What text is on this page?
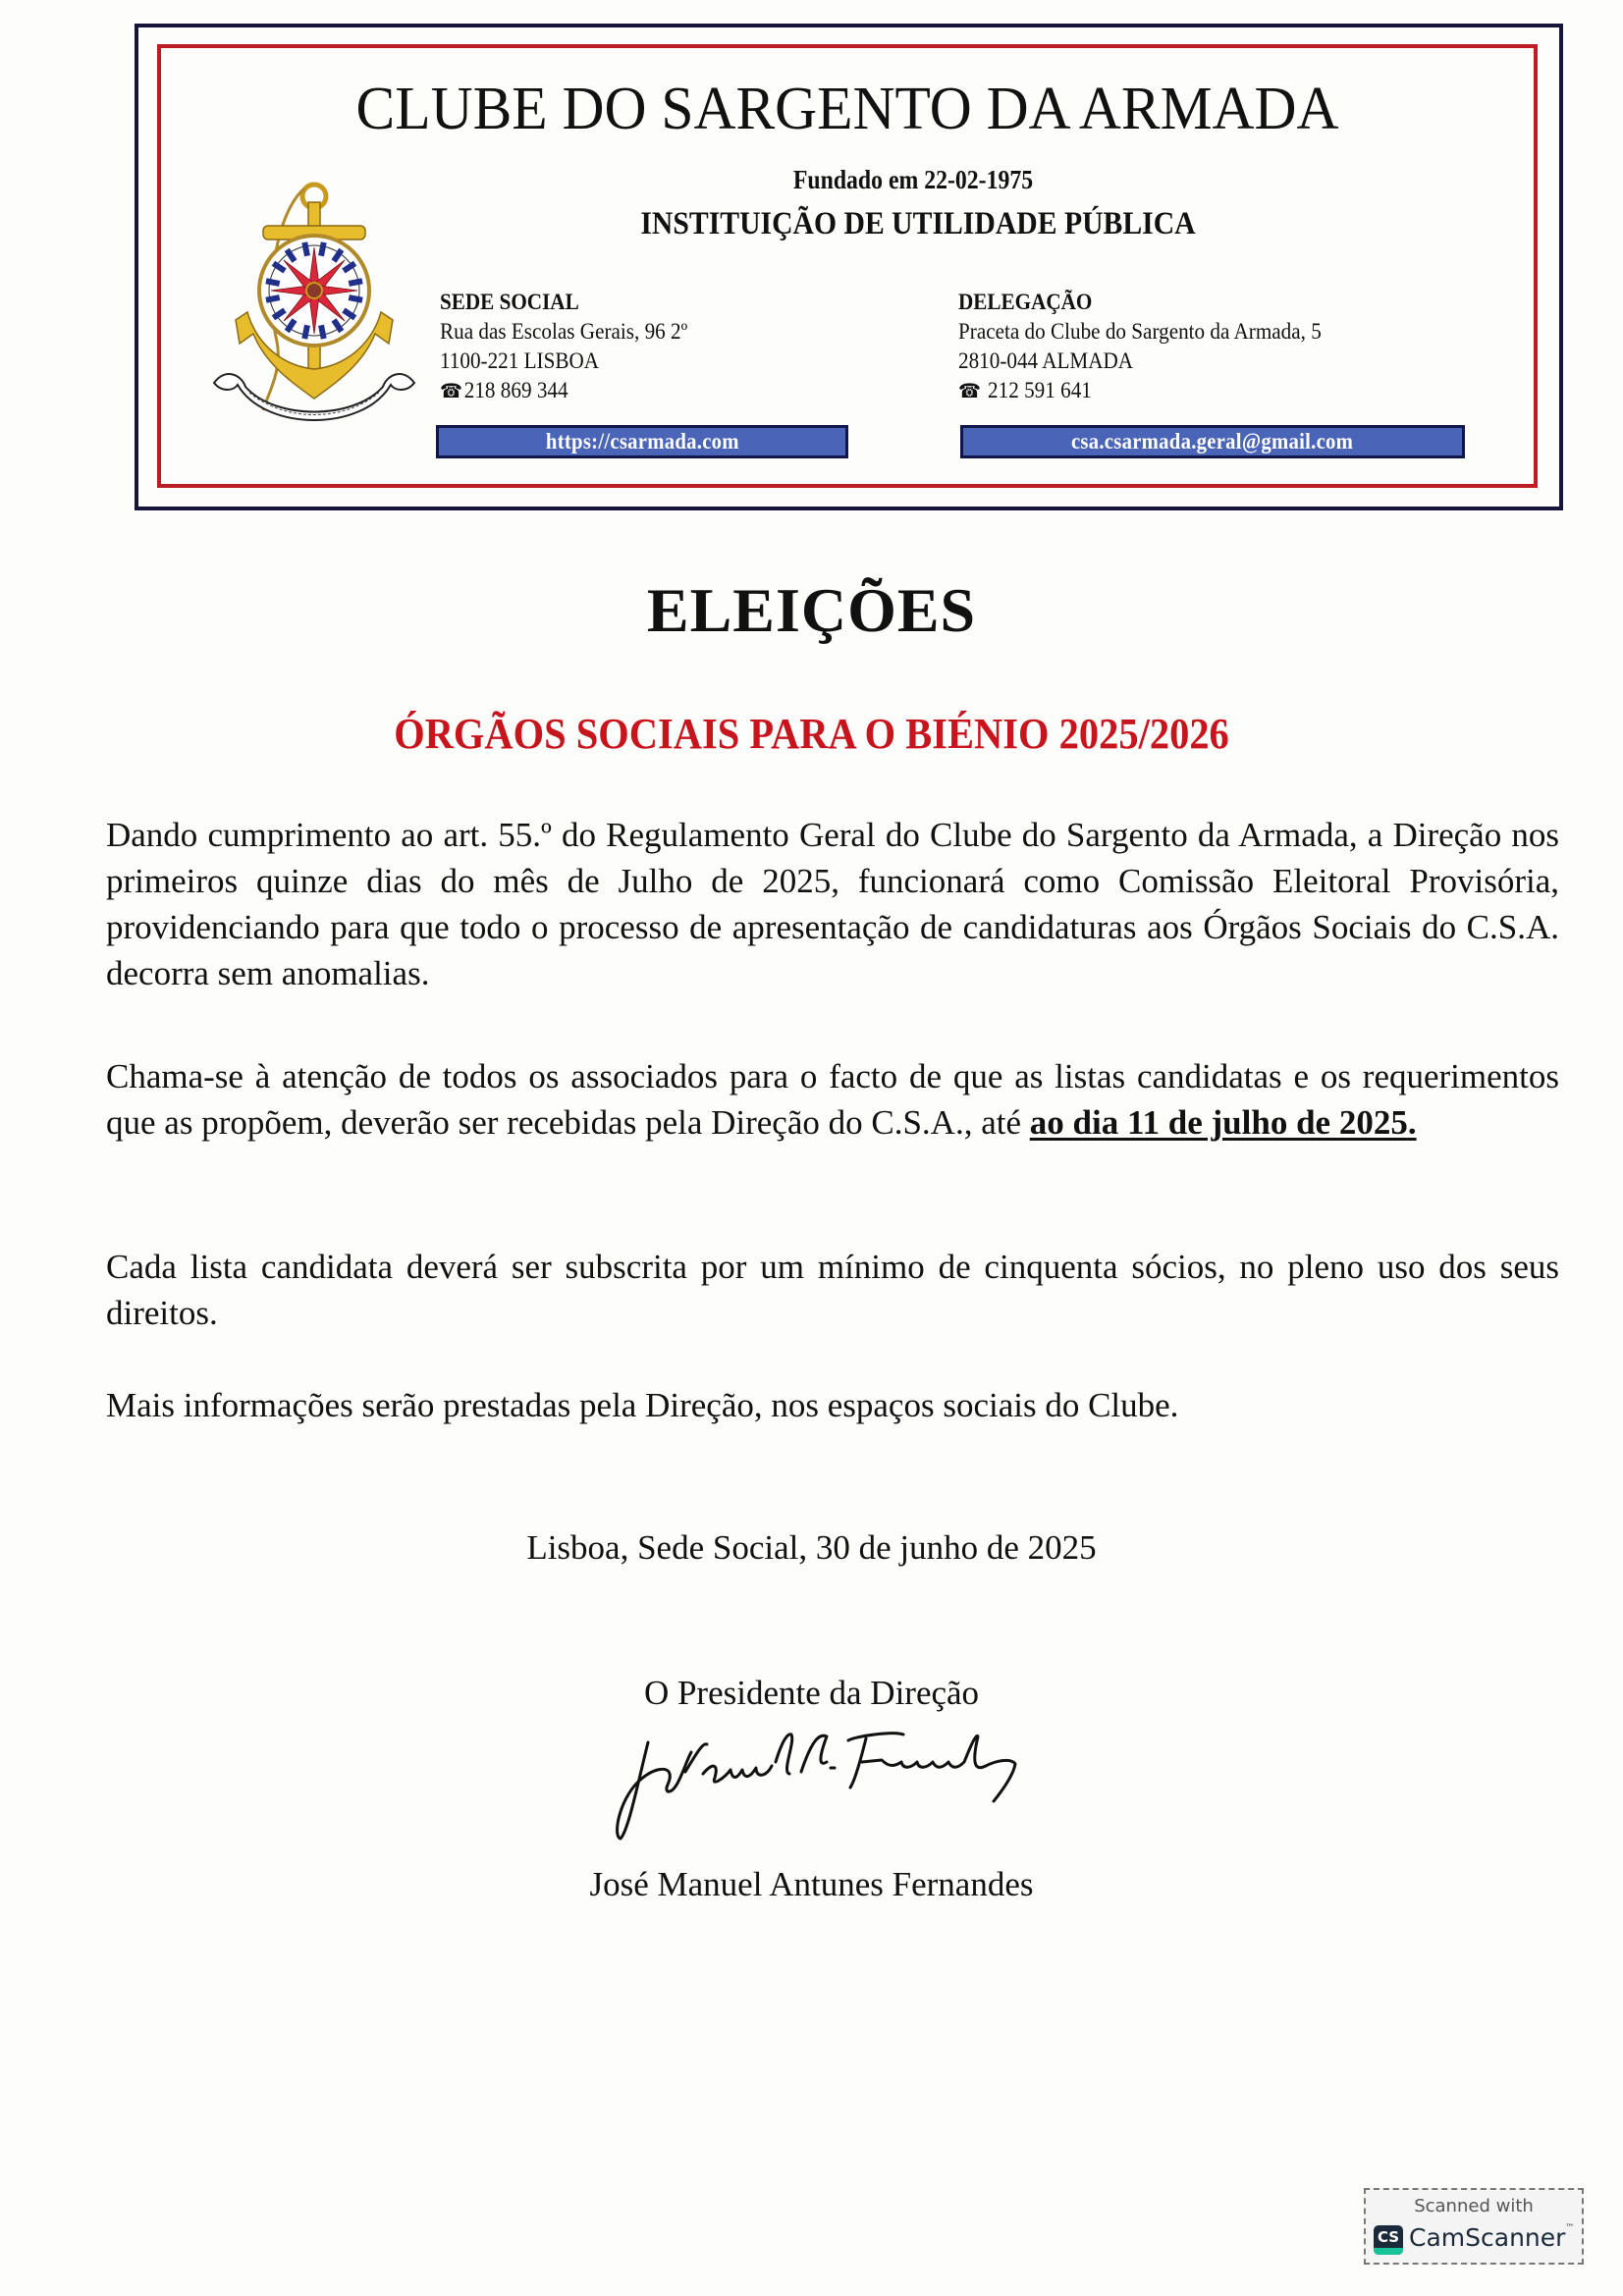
CLUBE DO SARGENTO DA ARMADA
Fundado em 22-02-1975
INSTITUIÇÃO DE UTILIDADE PÚBLICA
SEDE SOCIAL
Rua das Escolas Gerais, 96 2º
1100-221 LISBOA
☎218 869 344
DELEGAÇÃO
Praceta do Clube do Sargento da Armada, 5
2810-044 ALMADA
☎ 212 591 641
https://csarmada.com	csa.csarmada.geral@gmail.com
ELEIÇÕES
ÓRGÃOS SOCIAIS PARA O BIÉNIO 2025/2026
Dando cumprimento ao art. 55.º do Regulamento Geral do Clube do Sargento da Armada, a Direção nos primeiros quinze dias do mês de Julho de 2025, funcionará como Comissão Eleitoral Provisória, providenciando para que todo o processo de apresentação de candidaturas aos Órgãos Sociais do C.S.A. decorra sem anomalias.
Chama-se à atenção de todos os associados para o facto de que as listas candidatas e os requerimentos que as propõem, deverão ser recebidas pela Direção do C.S.A., até ao dia 11 de julho de 2025.
Cada lista candidata deverá ser subscrita por um mínimo de cinquenta sócios, no pleno uso dos seus direitos.
Mais informações serão prestadas pela Direção, nos espaços sociais do Clube.
Lisboa, Sede Social, 30 de junho de 2025
O Presidente da Direção
José Manuel Antunes Fernandes
Scanned with
CS CamScanner™
